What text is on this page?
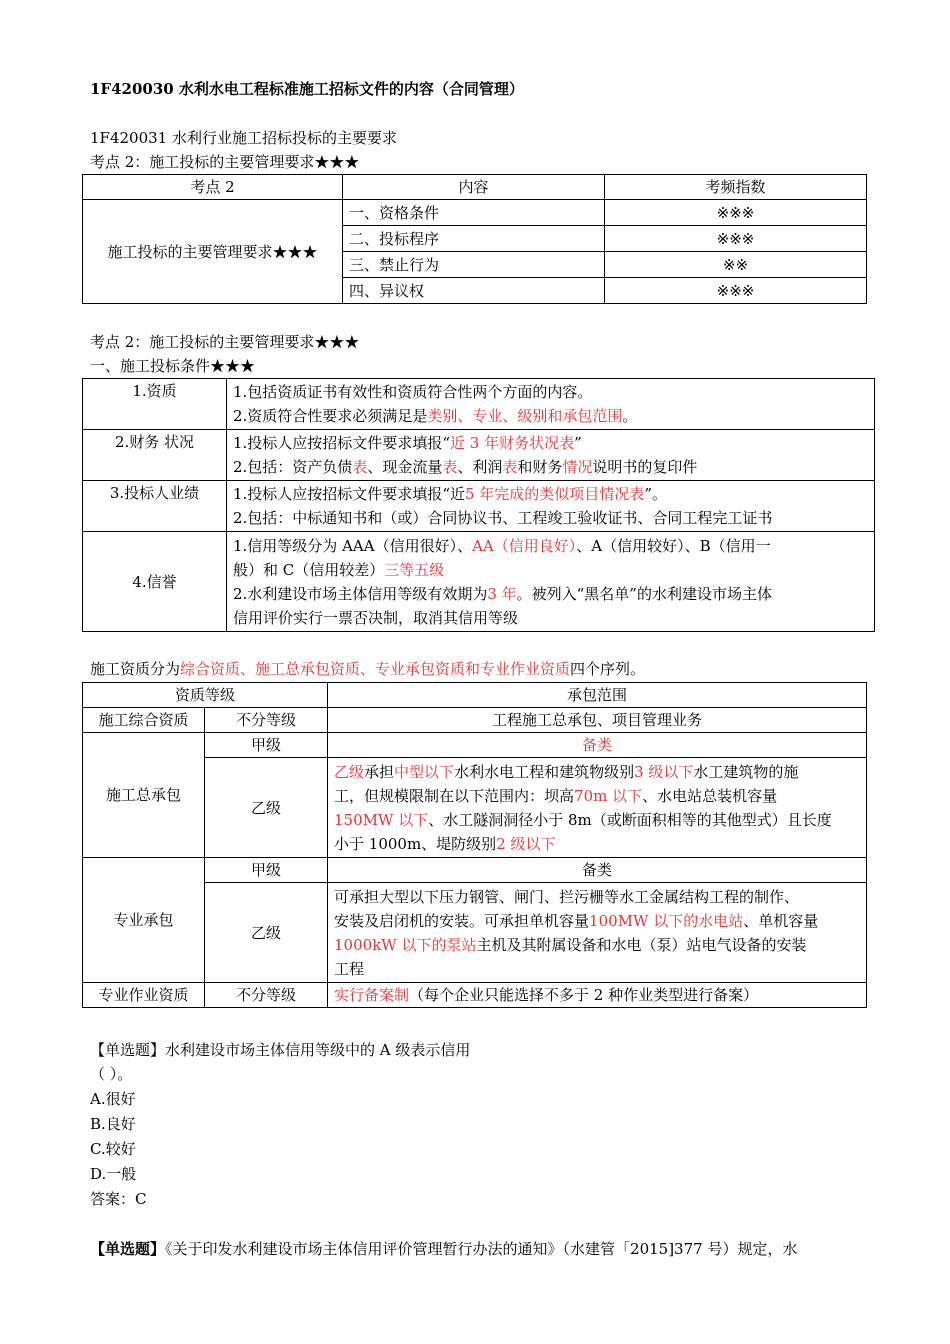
1F420030 水利水电工程标准施工招标文件的内容（合同管理）
1F420031 水利行业施工招标投标的主要要求
考点 2：施工投标的主要管理要求★★★
考点 2	内容	考频指数
施工投标的主要管理要求★★★	一、资格条件	※※※
	二、投标程序	※※※
	三、禁止行为	※※
	四、异议权	※※※
考点 2：施工投标的主要管理要求★★★
一、施工投标条件★★★
1.资质	1.包括资质证书有效性和资质符合性两个方面的内容。
2.资质符合性要求必须满足是类别、专业、级别和承包范围。

2.财务 状况	1.投标人应按招标文件要求填报“近 3 年财务状况表”
2.包括：资产负债表、现金流量表、利润表和财务情况说明书的复印件

3.投标人业绩	1.投标人应按招标文件要求填报“近5 年完成的类似项目情况表”。
2.包括：中标通知书和（或）合同协议书、工程竣工验收证书、合同工程完工证书

4.信誉	1.信用等级分为 AAA（信用很好）、AA（信用良好）、A（信用较好）、B（信用一
般）和 C（信用较差）三等五级
2.水利建设市场主体信用等级有效期为3 年。被列入“黑名单”的水利建设市场主体
信用评价实行一票否决制，取消其信用等级
施工资质分为综合资质、施工总承包资质、专业承包资质和专业作业资质四个序列。
资质等级		承包范围
施工综合资质	不分等级	工程施工总承包、项目管理业务
施工总承包	甲级	备类
	乙级	乙级承担中型以下水利水电工程和建筑物级别3 级以下水工建筑物的施
工，但规模限制在以下范围内：坝高70m 以下、水电站总装机容量
150MW 以下、水工隧洞洞径小于 8m（或断面积相等的其他型式）且长度
小于 1000m、堤防级别2 级以下

专业承包	甲级	备类
	乙级	可承担大型以下压力钢管、闸门、拦污栅等水工金属结构工程的制作、
安装及启闭机的安装。可承担单机容量100MW 以下的水电站、单机容量
1000kW 以下的泵站主机及其附属设备和水电（泵）站电气设备的安装
工程

专业作业资质	不分等级	实行备案制（每个企业只能选择不多于 2 种作业类型进行备案）
【单选题】水利建设市场主体信用等级中的 A 级表示信用
（ ）。
A.很好
B.良好
C.较好
D.一般
答案：C
【单选题】《关于印发水利建设市场主体信用评价管理暂行办法的通知》（水建管「2015]377 号）规定，水
